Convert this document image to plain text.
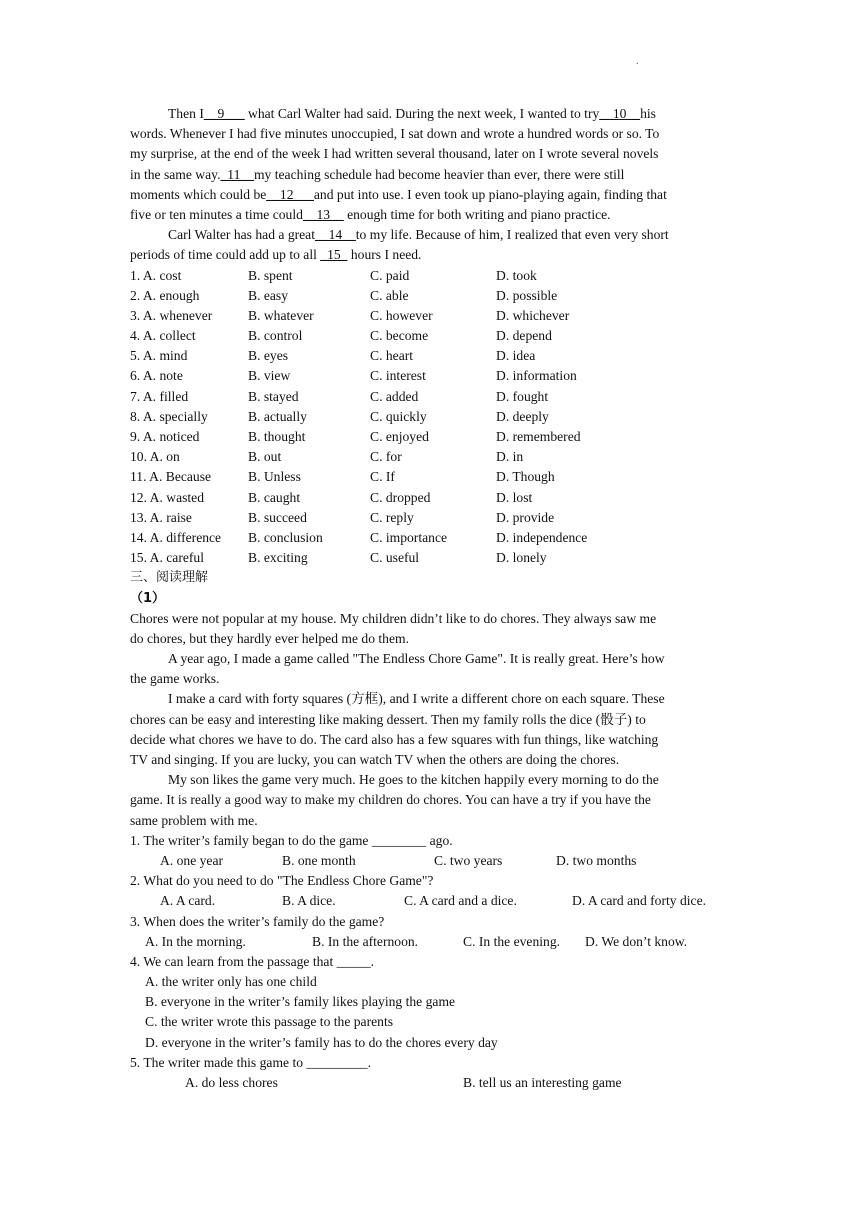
.
Then I__9___ what Carl Walter had said. During the next week, I wanted to try__10__his
words. Whenever I had five minutes unoccupied, I sat down and wrote a hundred words or so. To
my surprise, at the end of the week I had written several thousand, later on I wrote several novels
in the same way._11__my teaching schedule had become heavier than ever, there were still
moments which could be__12___and put into use. I even took up piano-playing again, finding that
five or ten minutes a time could__13__ enough time for both writing and piano practice.
Carl Walter has had a great__14__to my life. Because of him, I realized that even very short
periods of time could add up to all _15_ hours I need.
1. A. cost	B. spent	C. paid	D. took
2. A. enough	B. easy	C. able	D. possible
3. A. whenever	B. whatever	C. however	D. whichever
4. A. collect	B. control	C. become	D. depend
5. A. mind	B. eyes	C. heart	D. idea
6. A. note	B. view	C. interest	D. information
7. A. filled	B. stayed	C. added	D. fought
8. A. specially	B. actually	C. quickly	D. deeply
9. A. noticed	B. thought	C. enjoyed	D. remembered
10. A. on	B. out	C. for	D. in
11. A. Because	B. Unless	C. If	D. Though
12. A. wasted	B. caught	C. dropped	D. lost
13. A. raise	B. succeed	C. reply	D. provide
14. A. difference B. conclusion	C. importance	D. independence
15. A. careful	B. exciting	C. useful	D. lonely
三、阅读理解
（1）
Chores were not popular at my house. My children didn’t like to do chores. They always saw me
do chores, but they hardly ever helped me do them.
A year ago, I made a game called "The Endless Chore Game". It is really great. Here’s how
the game works.
I make a card with forty squares (方框), and I write a different chore on each square. These
chores can be easy and interesting like making dessert. Then my family rolls the dice (骰子) to
decide what chores we have to do. The card also has a few squares with fun things, like watching
TV and singing. If you are lucky, you can watch TV when the others are doing the chores.
My son likes the game very much. He goes to the kitchen happily every morning to do the
game. It is really a good way to make my children do chores. You can have a try if you have the
same problem with me.
1. The writer’s family began to do the game ________ ago.
A. one year	B. one month	C. two years	D. two months
2. What do you need to do "The Endless Chore Game"?
A. A card.	B. A dice.	C. A card and a dice.	D. A card and forty dice.
3. When does the writer’s family do the game?
A. In the morning.	B. In the afternoon.	C. In the evening. D. We don’t know.
4. We can learn from the passage that _____.
A. the writer only has one child
B. everyone in the writer’s family likes playing the game
C. the writer wrote this passage to the parents
D. everyone in the writer’s family has to do the chores every day
5. The writer made this game to _________.
A. do less chores	B. tell us an interesting game
